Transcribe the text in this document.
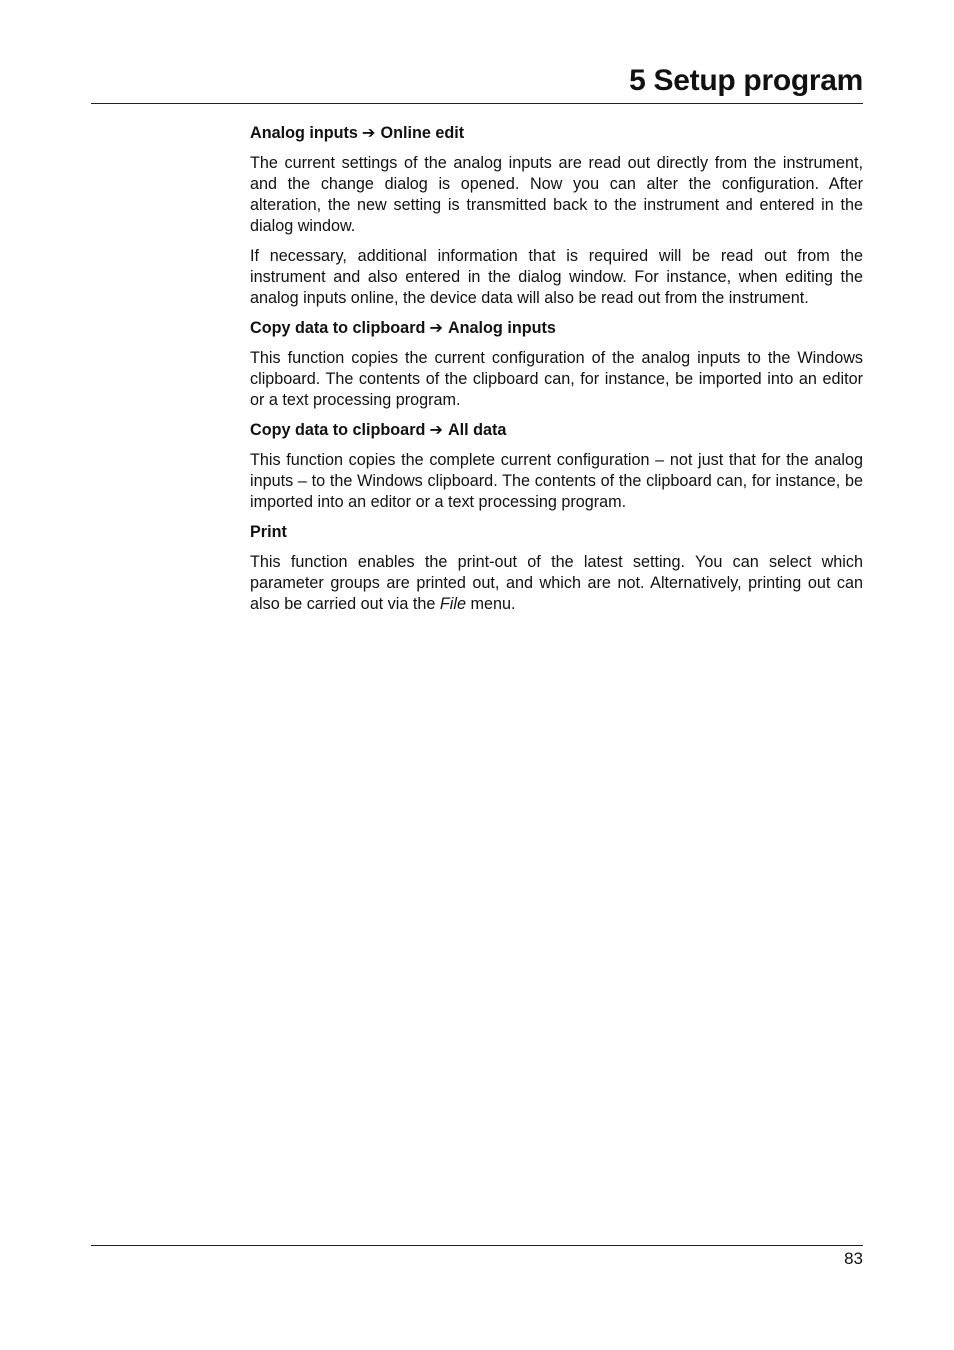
5 Setup program
Analog inputs ➔ Online edit

The current settings of the analog inputs are read out directly from the instrument, and the change dialog is opened. Now you can alter the configuration. After alteration, the new setting is transmitted back to the instrument and entered in the dialog window.

If necessary, additional information that is required will be read out from the instrument and also entered in the dialog window. For instance, when editing the analog inputs online, the device data will also be read out from the instrument.

Copy data to clipboard ➔ Analog inputs

This function copies the current configuration of the analog inputs to the Windows clipboard. The contents of the clipboard can, for instance, be imported into an editor or a text processing program.

Copy data to clipboard ➔ All data

This function copies the complete current configuration – not just that for the analog inputs – to the Windows clipboard. The contents of the clipboard can, for instance, be imported into an editor or a text processing program.

Print

This function enables the print-out of the latest setting. You can select which parameter groups are printed out, and which are not. Alternatively, printing out can also be carried out via the File menu.

83
